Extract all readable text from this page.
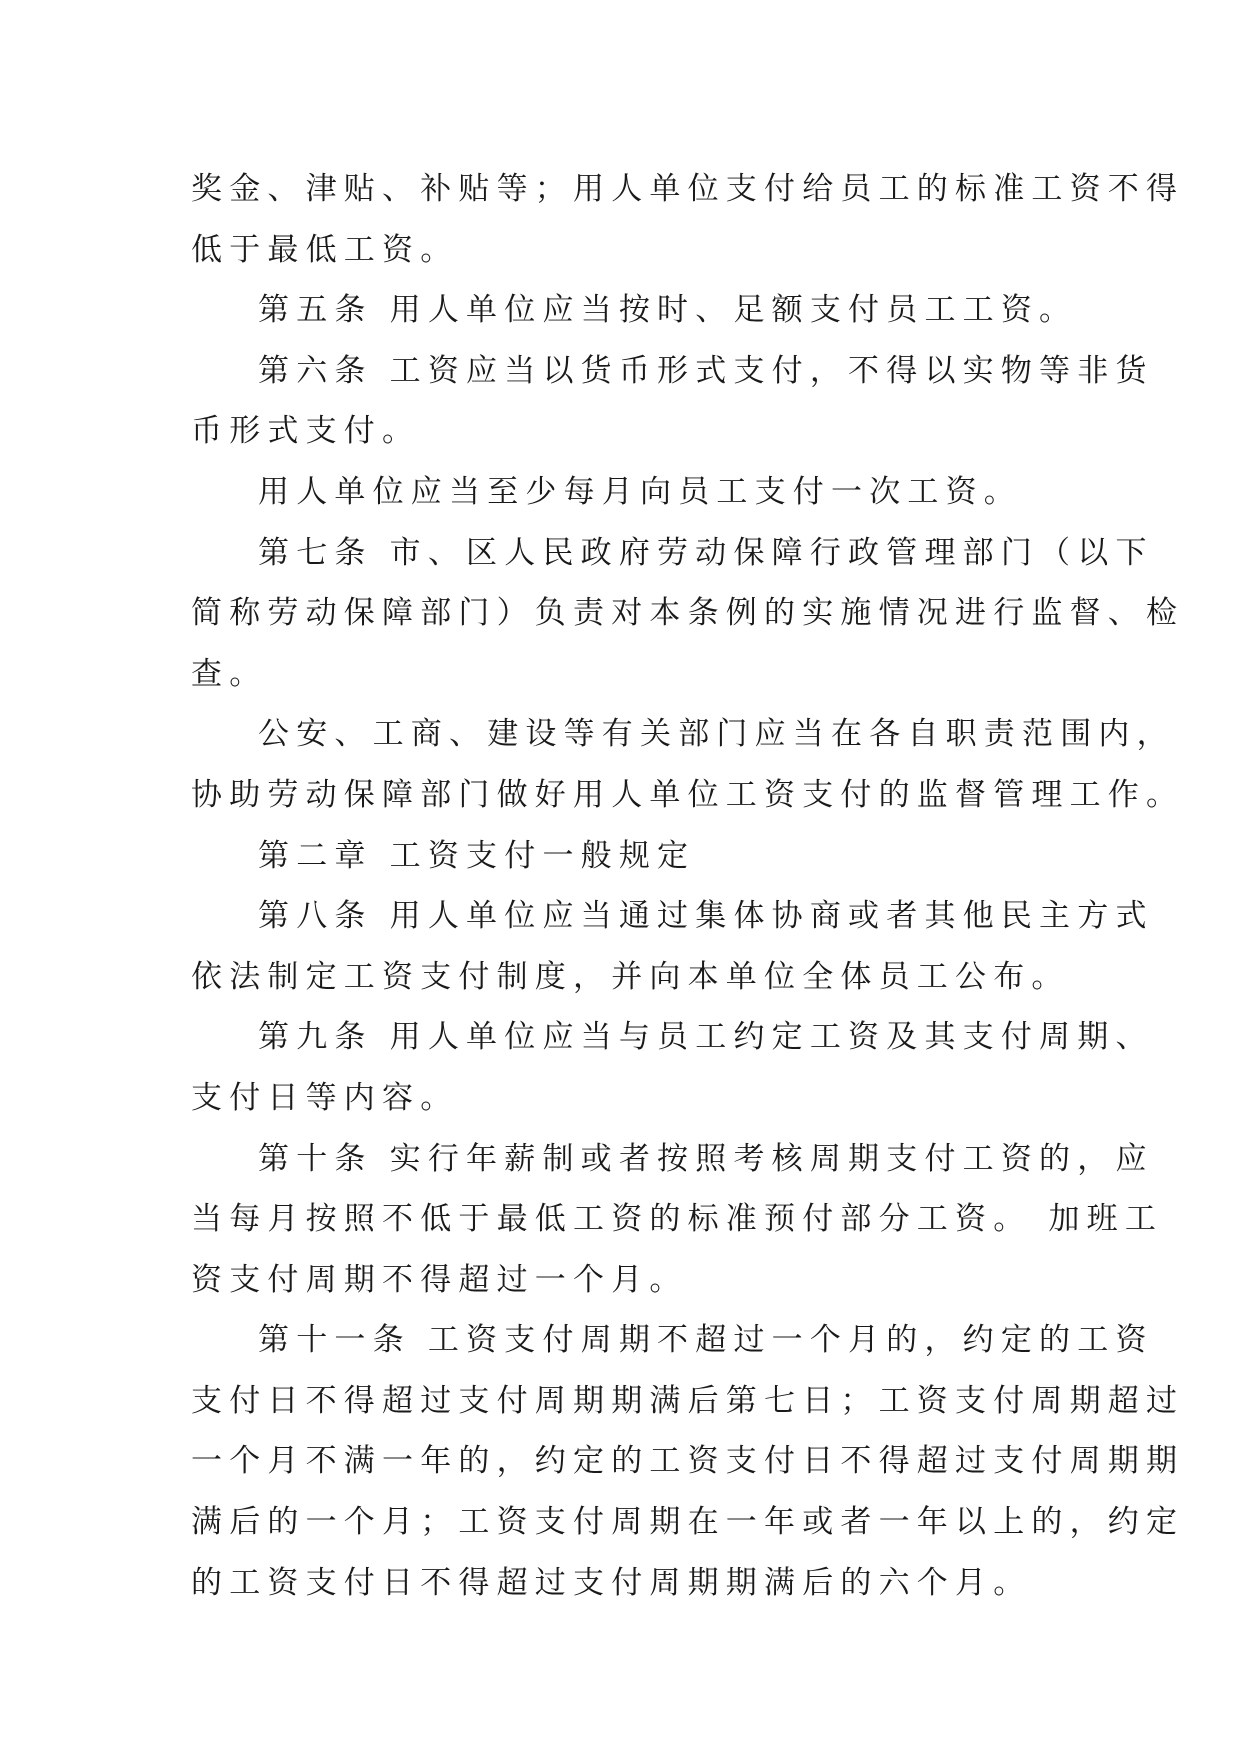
奖金、津贴、补贴等；用人单位支付给员工的标准工资不得
低于最低工资。
第五条 用人单位应当按时、足额支付员工工资。
第六条 工资应当以货币形式支付，不得以实物等非货
币形式支付。
用人单位应当至少每月向员工支付一次工资。
第七条 市、区人民政府劳动保障行政管理部门（以下
简称劳动保障部门）负责对本条例的实施情况进行监督、检
查。
公安、工商、建设等有关部门应当在各自职责范围内，
协助劳动保障部门做好用人单位工资支付的监督管理工作。
第二章 工资支付一般规定
第八条 用人单位应当通过集体协商或者其他民主方式
依法制定工资支付制度，并向本单位全体员工公布。
第九条 用人单位应当与员工约定工资及其支付周期、
支付日等内容。
第十条 实行年薪制或者按照考核周期支付工资的，应
当每月按照不低于最低工资的标准预付部分工资。 加班工
资支付周期不得超过一个月。
第十一条 工资支付周期不超过一个月的，约定的工资
支付日不得超过支付周期期满后第七日；工资支付周期超过
一个月不满一年的，约定的工资支付日不得超过支付周期期
满后的一个月；工资支付周期在一年或者一年以上的，约定
的工资支付日不得超过支付周期期满后的六个月。
